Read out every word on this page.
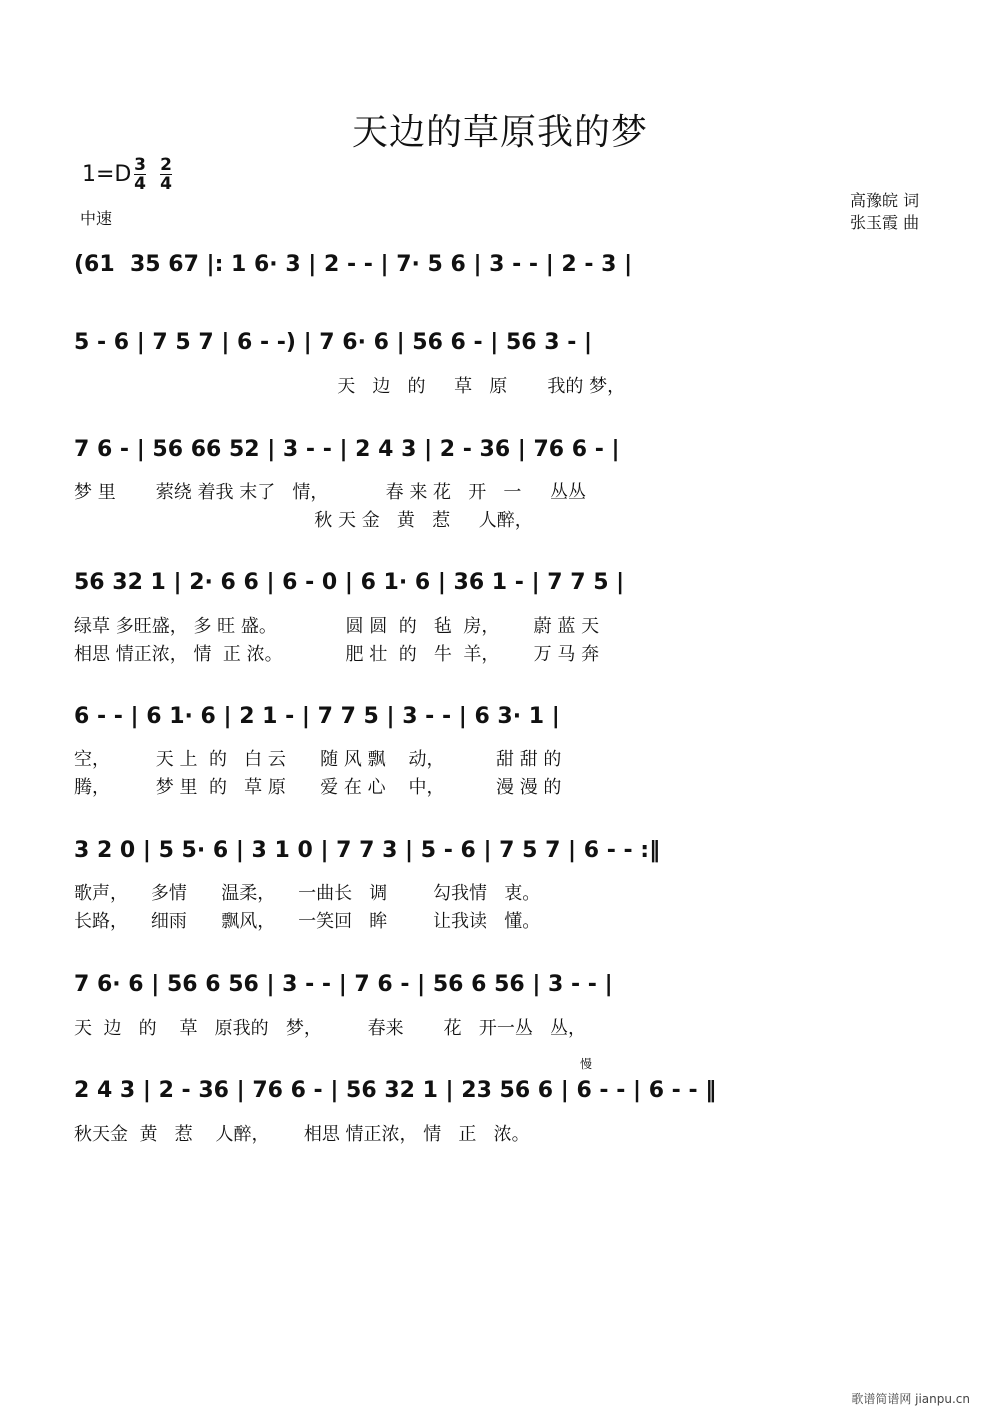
天边的草原我的梦
1=D 3
4
2
4
中速
高豫皖 词
张玉霞 曲
(61  35 67 |: 1 6· 3 | 2 - - | 7· 5 6 | 3 - - | 2 - 3 |
5 - 6 | 7 5 7 | 6 - -) | 7 6· 6 | 56 6 - | 56 3 - |
天   边   的     草   原       我的 梦，
7 6 - | 56 66 52 | 3 - - | 2 4 3 | 2 - 36 | 76 6 - |
梦 里       萦绕 着我 末了   情，          春 来 花   开   一     丛丛
秋 天 金   黄   惹     人醉，
56 32 1 | 2· 6 6 | 6 - 0 | 6 1· 6 | 36 1 - | 7 7 5 |
绿草 多旺盛， 多 旺 盛。            圆 圆  的   毡  房，      蔚 蓝 天
相思 情正浓， 情  正 浓。           肥 壮  的   牛  羊，      万 马 奔
6 - - | 6 1· 6 | 2 1 - | 7 7 5 | 3 - - | 6 3· 1 |
空，        天 上  的   白 云      随 风 飘    动，         甜 甜 的
腾，        梦 里  的   草 原      爱 在 心    中，         漫 漫 的
3 2 0 | 5 5· 6 | 3 1 0 | 7 7 3 | 5 - 6 | 7 5 7 | 6 - - :‖
歌声，    多情      温柔，    一曲长   调        勾我情   衷。
长路，    细雨      飘风，    一笑回   眸        让我读   懂。
7 6· 6 | 56 6 56 | 3 - - | 7 6 - | 56 6 56 | 3 - - |
天  边   的    草   原我的   梦，        春来       花   开一丛   丛，
慢
2 4 3 | 2 - 36 | 76 6 - | 56 32 1 | 23 56 6 | 6 - - | 6 - - ‖
秋天金  黄   惹    人醉，      相思 情正浓， 情   正   浓。
歌谱简谱网 jianpu.cn
